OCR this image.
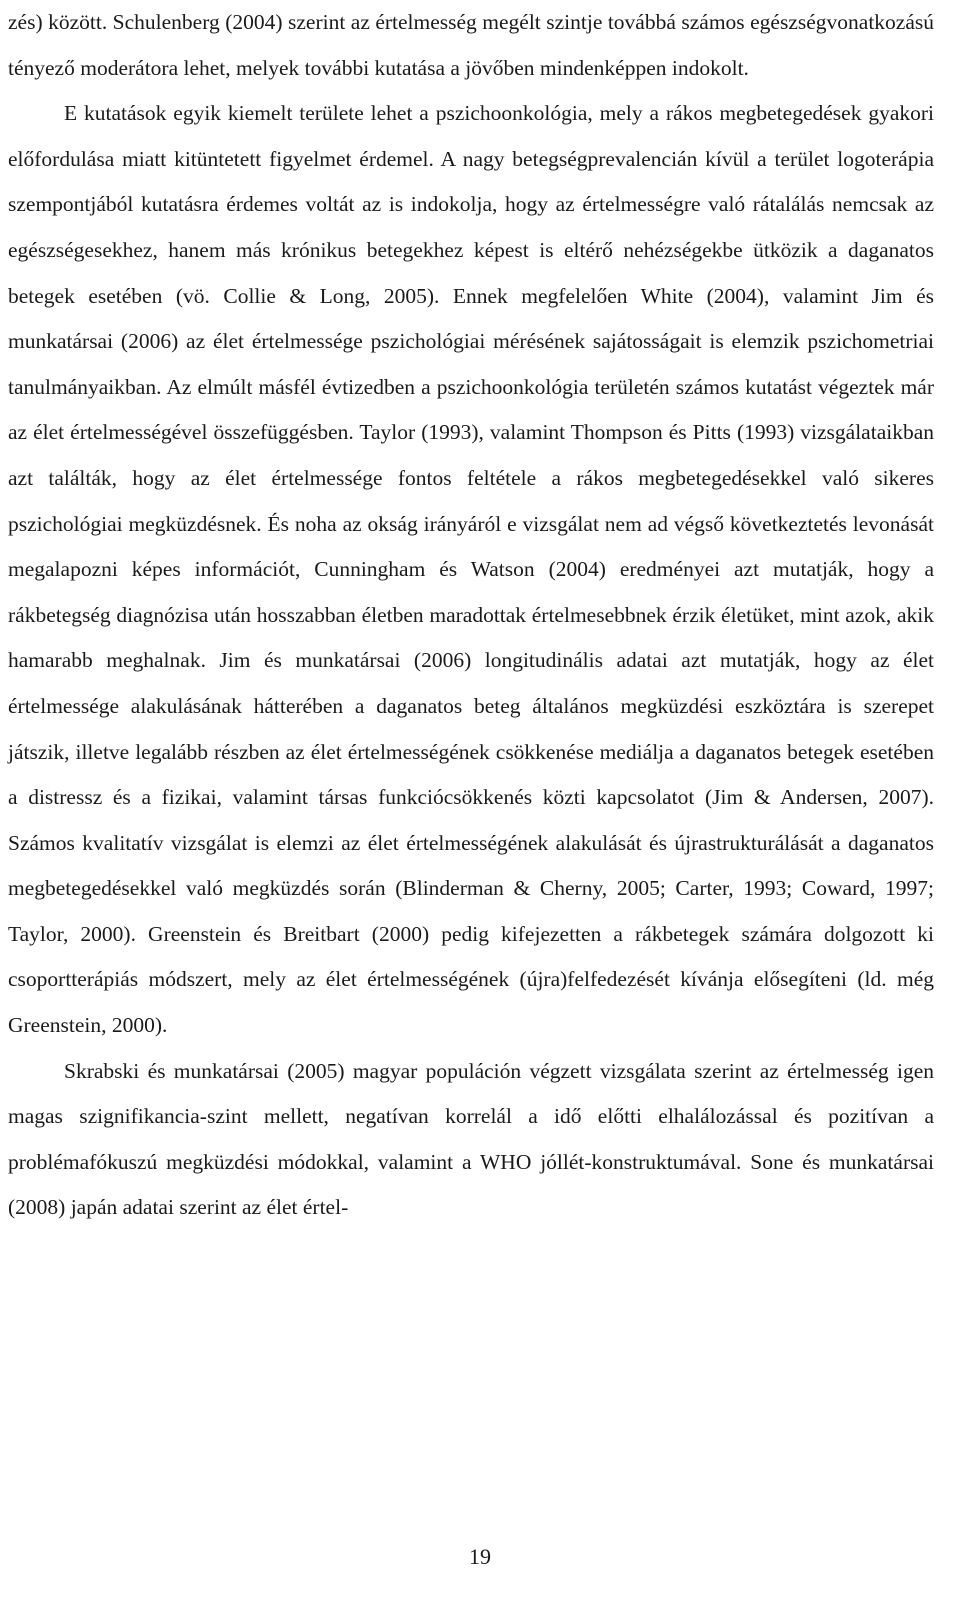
zés) között. Schulenberg (2004) szerint az értelmesség megélt szintje továbbá számos egészségvonatkozású tényező moderátora lehet, melyek további kutatása a jövőben mindenképpen indokolt.

E kutatások egyik kiemelt területe lehet a pszichoonkológia, mely a rákos megbetegedések gyakori előfordulása miatt kitüntetett figyelmet érdemel. A nagy betegségprevalencián kívül a terület logoterápia szempontjából kutatásra érdemes voltát az is indokolja, hogy az értelmességre való rátalálás nemcsak az egészségesekhez, hanem más krónikus betegekhez képest is eltérő nehézségekbe ütközik a daganatos betegek esetében (vö. Collie & Long, 2005). Ennek megfelelően White (2004), valamint Jim és munkatársai (2006) az élet értelmessége pszichológiai mérésének sajátosságait is elemzik pszichometriai tanulmányaikban. Az elmúlt másfél évtizedben a pszichoonkológia területén számos kutatást végeztek már az élet értelmességével összefüggésben. Taylor (1993), valamint Thompson és Pitts (1993) vizsgálataikban azt találták, hogy az élet értelmessége fontos feltétele a rákos megbetegedésekkel való sikeres pszichológiai megküzdésnek. És noha az okság irányáról e vizsgálat nem ad végső következtetés levonását megalapozni képes információt, Cunningham és Watson (2004) eredményei azt mutatják, hogy a rákbetegség diagnózisa után hosszabban életben maradottak értelmesebbnek érzik életüket, mint azok, akik hamarabb meghalnak. Jim és munkatársai (2006) longitudinális adatai azt mutatják, hogy az élet értelmessége alakulásának hátterében a daganatos beteg általános megküzdési eszköztára is szerepet játszik, illetve legalább részben az élet értelmességének csökkenése mediálja a daganatos betegek esetében a distressz és a fizikai, valamint társas funkciócsökkenés közti kapcsolatot (Jim & Andersen, 2007). Számos kvalitatív vizsgálat is elemzi az élet értelmességének alakulását és újrastrukturálását a daganatos megbetegedésekkel való megküzdés során (Blinderman & Cherny, 2005; Carter, 1993; Coward, 1997; Taylor, 2000). Greenstein és Breitbart (2000) pedig kifejezetten a rákbetegek számára dolgozott ki csoportterápiás módszert, mely az élet értelmességének (újra)felfedezését kívánja elősegíteni (ld. még Greenstein, 2000).

Skrabski és munkatársai (2005) magyar populáción végzett vizsgálata szerint az értelmesség igen magas szignifikancia-szint mellett, negatívan korrelál a idő előtti elhalálozással és pozitívan a problémafókuszú megküzdési módokkal, valamint a WHO jóllét-konstruktumával. Sone és munkatársai (2008) japán adatai szerint az élet értel-

19
